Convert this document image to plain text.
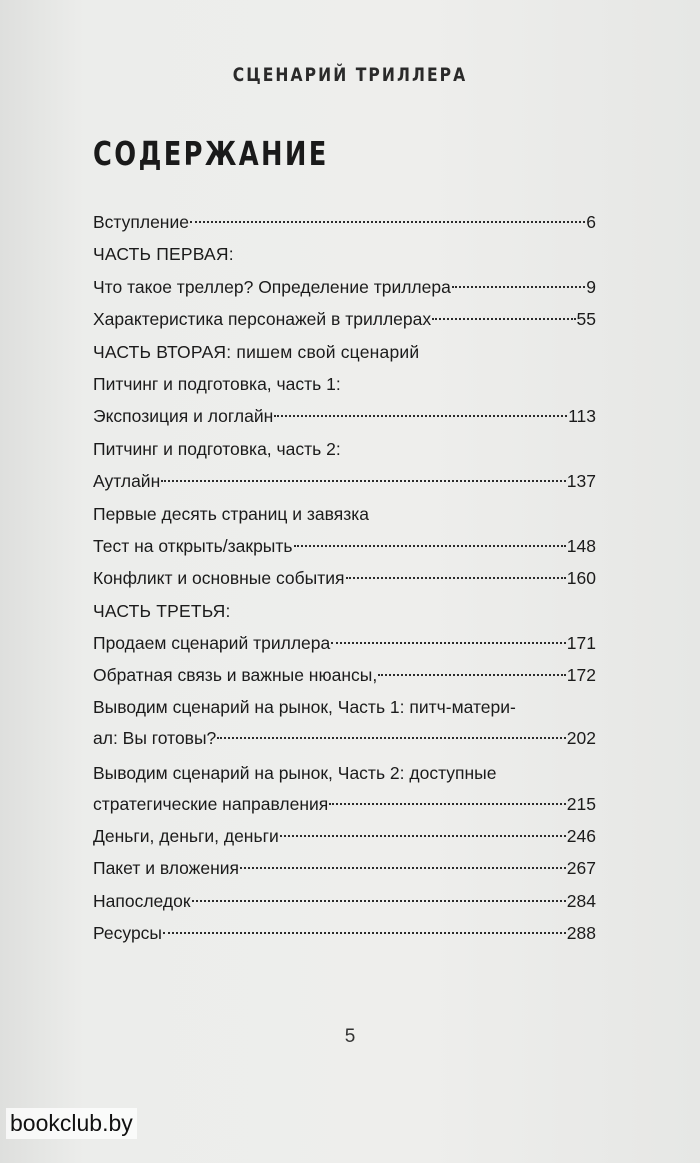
СЦЕНАРИЙ ТРИЛЛЕРА
СОДЕРЖАНИЕ
Вступление	6
ЧАСТЬ ПЕРВАЯ:
Что такое треллер? Определение триллера	9
Характеристика персонажей в триллерах	55
ЧАСТЬ ВТОРАЯ: пишем свой сценарий
Питчинг и подготовка, часть 1:
Экспозиция и логлайн	113
Питчинг и подготовка, часть 2:
Аутлайн	137
Первые десять страниц и завязка
Тест на открыть/закрыть	148
Конфликт и основные события	160
ЧАСТЬ ТРЕТЬЯ:
Продаем сценарий триллера	171
Обратная связь и важные нюансы,	172
Выводим сценарий на рынок, Часть 1: питч-матери-
ал: Вы готовы?	202
Выводим сценарий на рынок, Часть 2: доступные
стратегические направления	215
Деньги, деньги, деньги	246
Пакет и вложения	267
Напоследок	284
Ресурсы	288
5
bookclub.by
